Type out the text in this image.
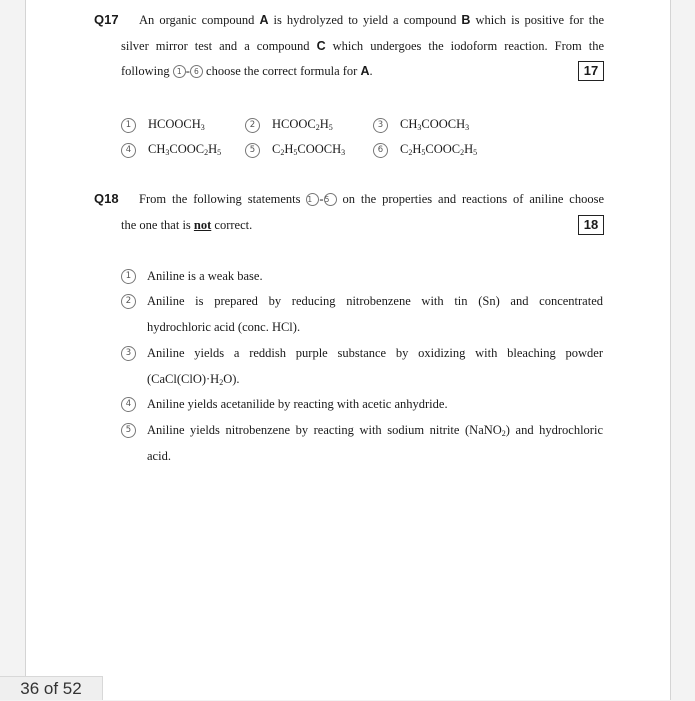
Q17 An organic compound A is hydrolyzed to yield a compound B which is positive for the
silver mirror test and a compound C which undergoes the iodoform reaction. From the
following 1 - 6 choose the correct formula for A.	17
1 $HCOOCH_3$	2 $HCOOC_2H_5$	3 $CH_3COOCH_3$
4 $CH_3COOC_2H_5$	5 $C_2H_5COOCH_3$	6 $C_2H_5COOC_2H_5$
Q18 From the following statements 1 -5 on the properties and reactions of aniline choose
the one that is not correct.	18
1	Aniline is a weak base.
2	Aniline is prepared by reducing nitrobenzene with tin (Sn) and concentrated
hydrochloric acid (conc. HCl).
3	Aniline yields a reddish purple substance by oxidizing with bleaching powder
$(CaCl(ClO)\cdot H_2O)$.
4	Aniline yields acetanilide by reacting with acetic anhydride.
5	Aniline yields nitrobenzene by reacting with sodium nitrite (NaNO$_2$) and hydrochloric
acid.
36 of 52
